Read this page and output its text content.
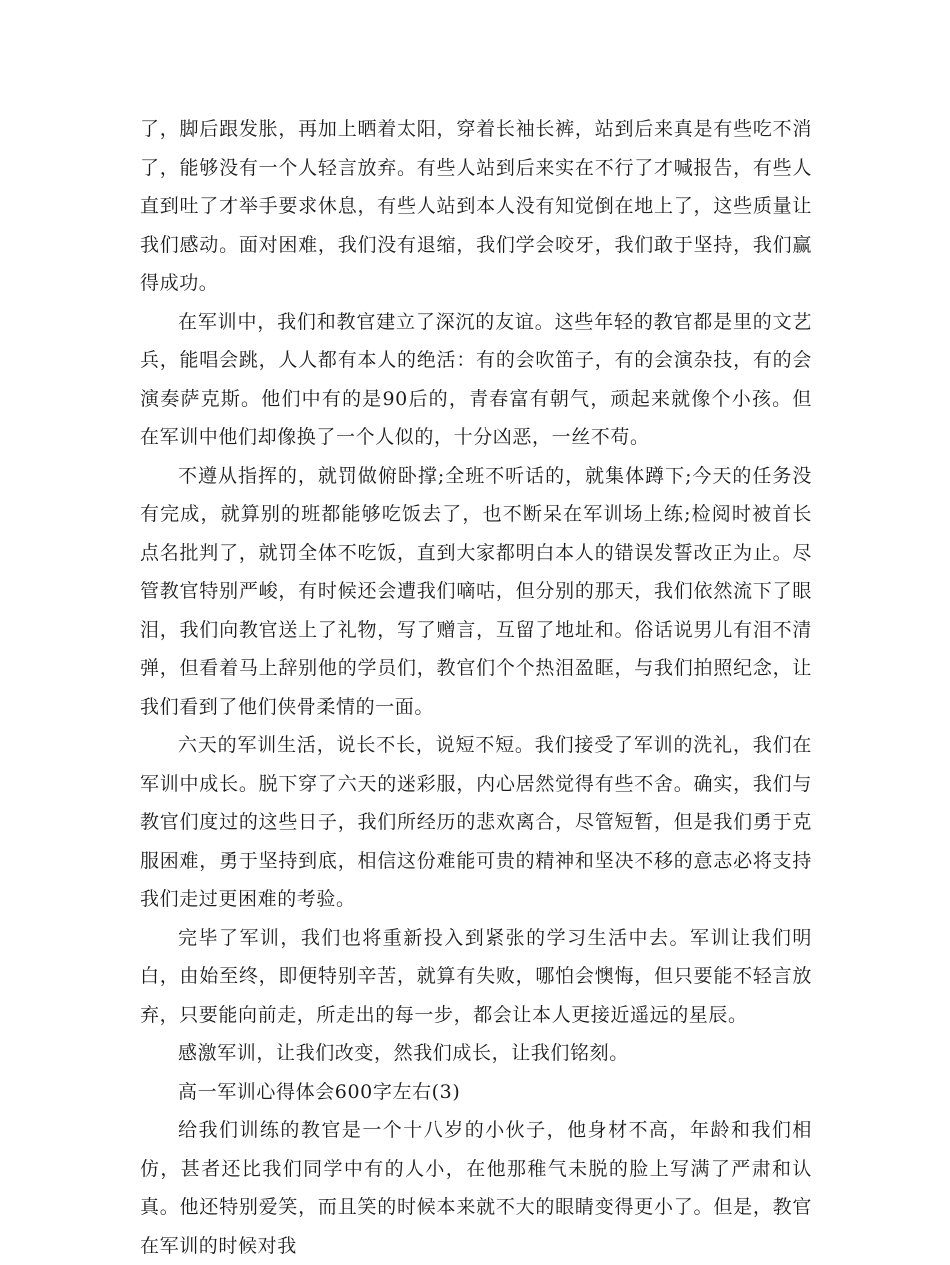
了，脚后跟发胀，再加上晒着太阳，穿着长袖长裤，站到后来真是有些吃不消了，能够没有一个人轻言放弃。有些人站到后来实在不行了才喊报告，有些人直到吐了才举手要求休息，有些人站到本人没有知觉倒在地上了，这些质量让我们感动。面对困难，我们没有退缩，我们学会咬牙，我们敢于坚持，我们赢得成功。

在军训中，我们和教官建立了深沉的友谊。这些年轻的教官都是里的文艺兵，能唱会跳，人人都有本人的绝活：有的会吹笛子，有的会演杂技，有的会演奏萨克斯。他们中有的是90后的，青春富有朝气，顽起来就像个小孩。但在军训中他们却像换了一个人似的，十分凶恶，一丝不苟。

不遵从指挥的，就罚做俯卧撑;全班不听话的，就集体蹲下;今天的任务没有完成，就算别的班都能够吃饭去了，也不断呆在军训场上练;检阅时被首长点名批判了，就罚全体不吃饭，直到大家都明白本人的错误发誓改正为止。尽管教官特别严峻，有时候还会遭我们嘀咕，但分别的那天，我们依然流下了眼泪，我们向教官送上了礼物，写了赠言，互留了地址和。俗话说男儿有泪不清弹，但看着马上辞别他的学员们，教官们个个热泪盈眶，与我们拍照纪念，让我们看到了他们侠骨柔情的一面。

六天的军训生活，说长不长，说短不短。我们接受了军训的洗礼，我们在军训中成长。脱下穿了六天的迷彩服，内心居然觉得有些不舍。确实，我们与教官们度过的这些日子，我们所经历的悲欢离合，尽管短暂，但是我们勇于克服困难，勇于坚持到底，相信这份难能可贵的精神和坚决不移的意志必将支持我们走过更困难的考验。

完毕了军训，我们也将重新投入到紧张的学习生活中去。军训让我们明白，由始至终，即便特别辛苦，就算有失败，哪怕会懊悔，但只要能不轻言放弃，只要能向前走，所走出的每一步，都会让本人更接近遥远的星辰。

感激军训，让我们改变，然我们成长，让我们铭刻。

高一军训心得体会600字左右(3)

给我们训练的教官是一个十八岁的小伙子，他身材不高，年龄和我们相仿，甚者还比我们同学中有的人小，在他那稚气未脱的脸上写满了严肃和认真。他还特别爱笑，而且笑的时候本来就不大的眼睛变得更小了。但是，教官在军训的时候对我
